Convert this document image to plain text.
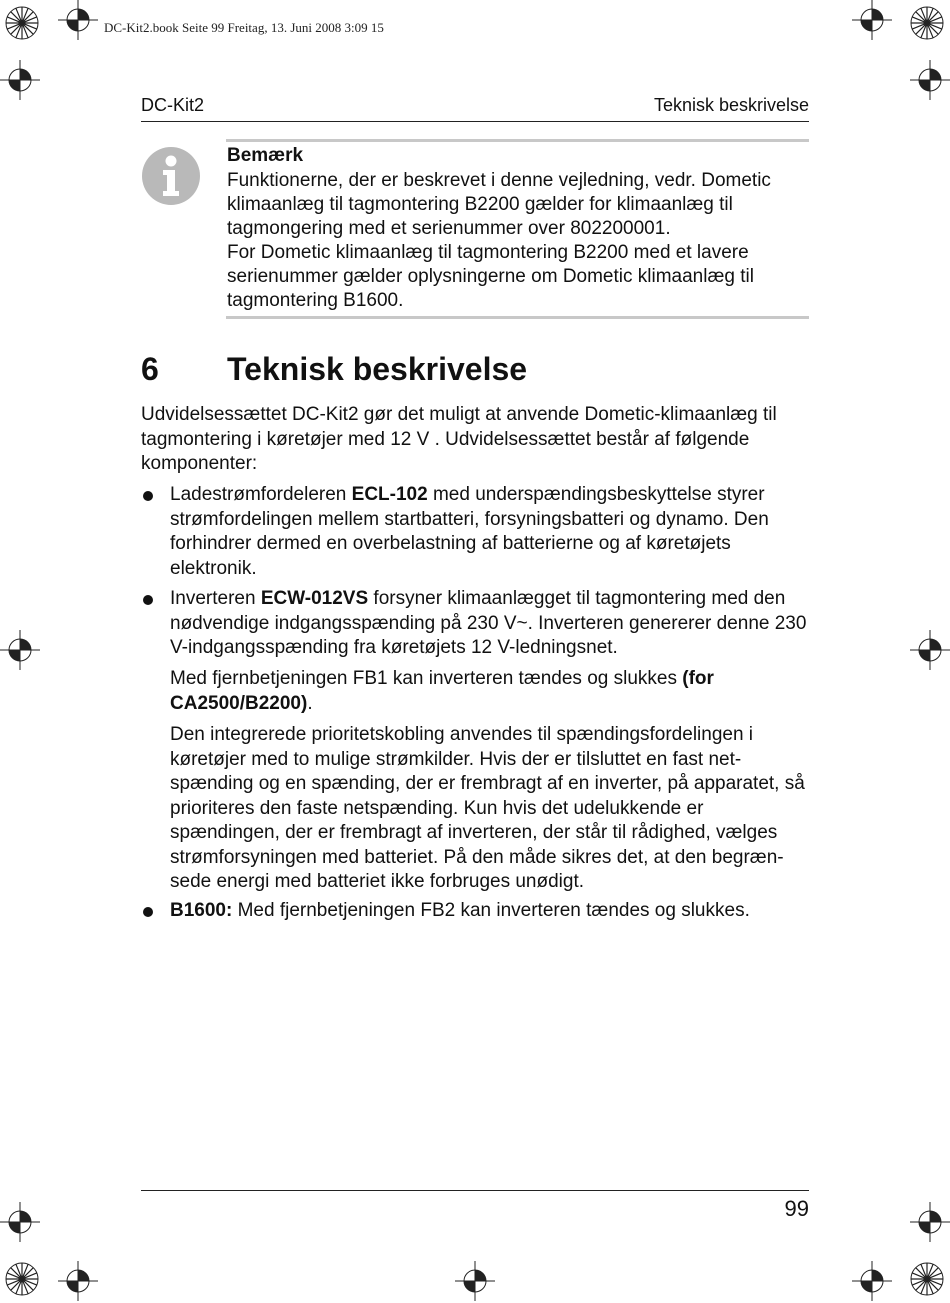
DC-Kit2.book Seite 99 Freitag, 13. Juni 2008 3:09 15
DC-Kit2	Teknisk beskrivelse
Bemærk

Funktionerne, der er beskrevet i denne vejledning, vedr. Dometic klimaanlæg til tagmontering B2200 gælder for klimaanlæg til tagmongering med et serienummer over 802200001.

For Dometic klimaanlæg til tagmontering B2200 med et lavere serienummer gælder oplysningerne om Dometic klimaanlæg til tagmontering B1600.

6 Teknisk beskrivelse

Udvidelsessættet DC-Kit2 gør det muligt at anvende Dometic-klimaanlæg til tagmontering i køretøjer med 12 V . Udvidelsessættet består af følgende komponenter:

Ladestrømfordeleren ECL-102 med underspændingsbeskyttelse styrer strømfordelingen mellem startbatteri, forsyningsbatteri og dynamo. Den forhindrer dermed en overbelastning af batterierne og af køretøjets elektronik.

Inverteren ECW-012VS forsyner klimaanlægget til tagmontering med den nødvendige indgangsspænding på 230 V~. Inverteren genererer denne 230 V-indgangsspænding fra køretøjets 12 V-ledningsnet.

Med fjernbetjeningen FB1 kan inverteren tændes og slukkes (for CA2500/B2200).

Den integrerede prioritetskobling anvendes til spændingsfordelingen i køretøjer med to mulige strømkilder. Hvis der er tilsluttet en fast net-spænding og en spænding, der er frembragt af en inverter, på apparatet, så prioriteres den faste netspænding. Kun hvis det udelukkende er spændingen, der er frembragt af inverteren, der står til rådighed, vælges strømforsyningen med batteriet. På den måde sikres det, at den begræn-sede energi med batteriet ikke forbruges unødigt.

B1600: Med fjernbetjeningen FB2 kan inverteren tændes og slukkes.

99
